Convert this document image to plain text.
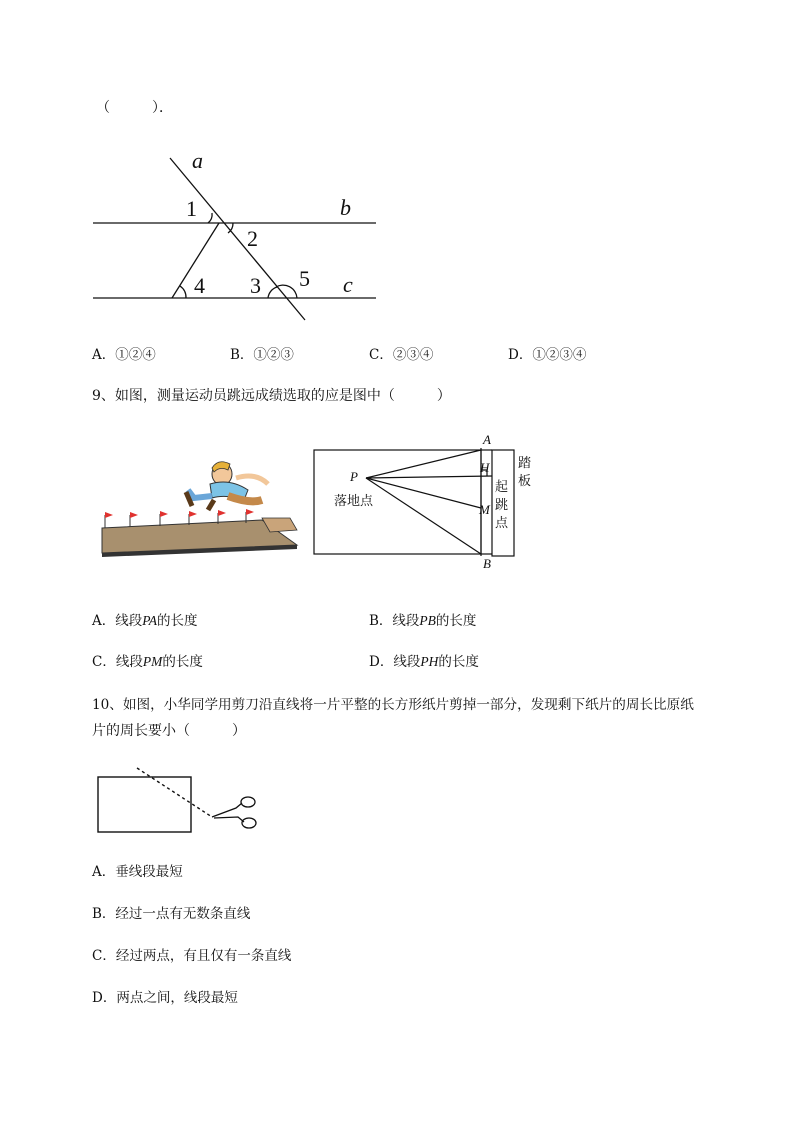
（　　　）．
a
b
c
1
2
4 3 5
A．①②④	B．①②③	C．②③④	D．①②③④
9、如图，测量运动员跳远成绩选取的应是图中（　　　）
A
H
M
B
P
落地点
起跳点
踏板
A．线段PA的长度	B．线段PB的长度
C．线段PM的长度	D．线段PH的长度
10、如图，小华同学用剪刀沿直线将一片平整的长方形纸片剪掉一部分，发现剩下纸片的周长比原纸
片的周长要小（　　　）
A．垂线段最短
B．经过一点有无数条直线
C．经过两点，有且仅有一条直线
D．两点之间，线段最短
